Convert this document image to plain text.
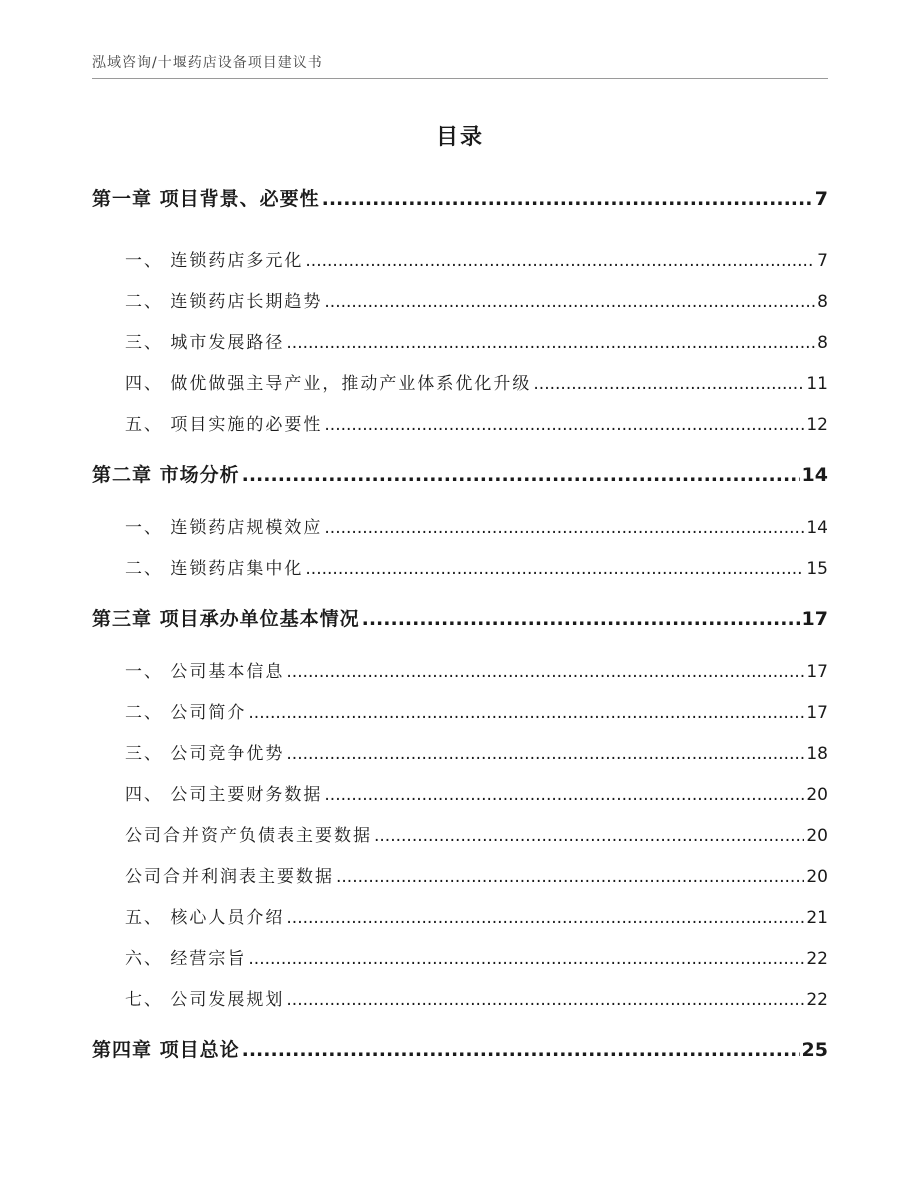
泓域咨询/十堰药店设备项目建议书
目录
第一章 项目背景、必要性 .....	7
一、 连锁药店多元化 .....	7
二、 连锁药店长期趋势 .....	8
三、 城市发展路径 .....	8
四、 做优做强主导产业，推动产业体系优化升级 .....	11
五、 项目实施的必要性 .....	12
第二章 市场分析 .....	14
一、 连锁药店规模效应 .....	14
二、 连锁药店集中化 .....	15
第三章 项目承办单位基本情况 .....	17
一、 公司基本信息 .....	17
二、 公司简介 .....	17
三、 公司竞争优势 .....	18
四、 公司主要财务数据 .....	20
公司合并资产负债表主要数据 .....	20
公司合并利润表主要数据 .....	20
五、 核心人员介绍 .....	21
六、 经营宗旨 .....	22
七、 公司发展规划 .....	22
第四章 项目总论 .....	25
